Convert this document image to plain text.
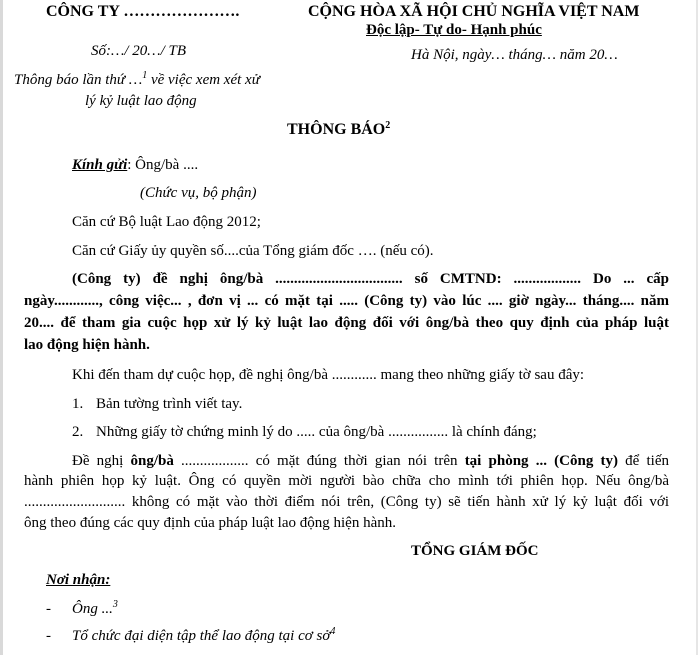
CÔNG TY ………………….
Số:…/ 20…/ TB
Thông báo lần thứ …$^1$ về việc xem xét xử
lý kỷ luật lao động
CỘNG HÒA XÃ HỘI CHỦ NGHĨA VIỆT NAM
Độc lập- Tự do- Hạnh phúc
Hà Nội, ngày… tháng… năm 20…
THÔNG BÁO$^2$
Kính gửi: Ông/bà ....
(Chức vụ, bộ phận)
Căn cứ Bộ luật Lao động 2012;
Căn cứ Giấy ủy quyền số....của Tổng giám đốc …. (nếu có).
(Công ty) đề nghị ông/bà .................................. số CMTND: .................. Do ... cấp
ngày............, công việc... , đơn vị ... có mặt tại ..... (Công ty) vào lúc .... giờ ngày... tháng.... năm
20.... để tham gia cuộc họp xử lý kỷ luật lao động đối với ông/bà theo quy định của pháp luật
lao động hiện hành.
Khi đến tham dự cuộc họp, đề nghị ông/bà ............ mang theo những giấy tờ sau đây:
1. Bản tường trình viết tay.
2. Những giấy tờ chứng minh lý do ..... của ông/bà ................ là chính đáng;
Đề nghị ông/bà .................. có mặt đúng thời gian nói trên tại phòng ... (Công ty) để tiến
hành phiên họp kỷ luật. Ông có quyền mời người bào chữa cho mình tới phiên họp. Nếu ông/bà
........................... không có mặt vào thời điểm nói trên, (Công ty) sẽ tiến hành xử lý kỷ luật đối với
ông theo đúng các quy định của pháp luật lao động hiện hành.
TỔNG GIÁM ĐỐC
Nơi nhận:
- Ông ...$^3$
- Tổ chức đại diện tập thể lao động tại cơ sở$^4$
